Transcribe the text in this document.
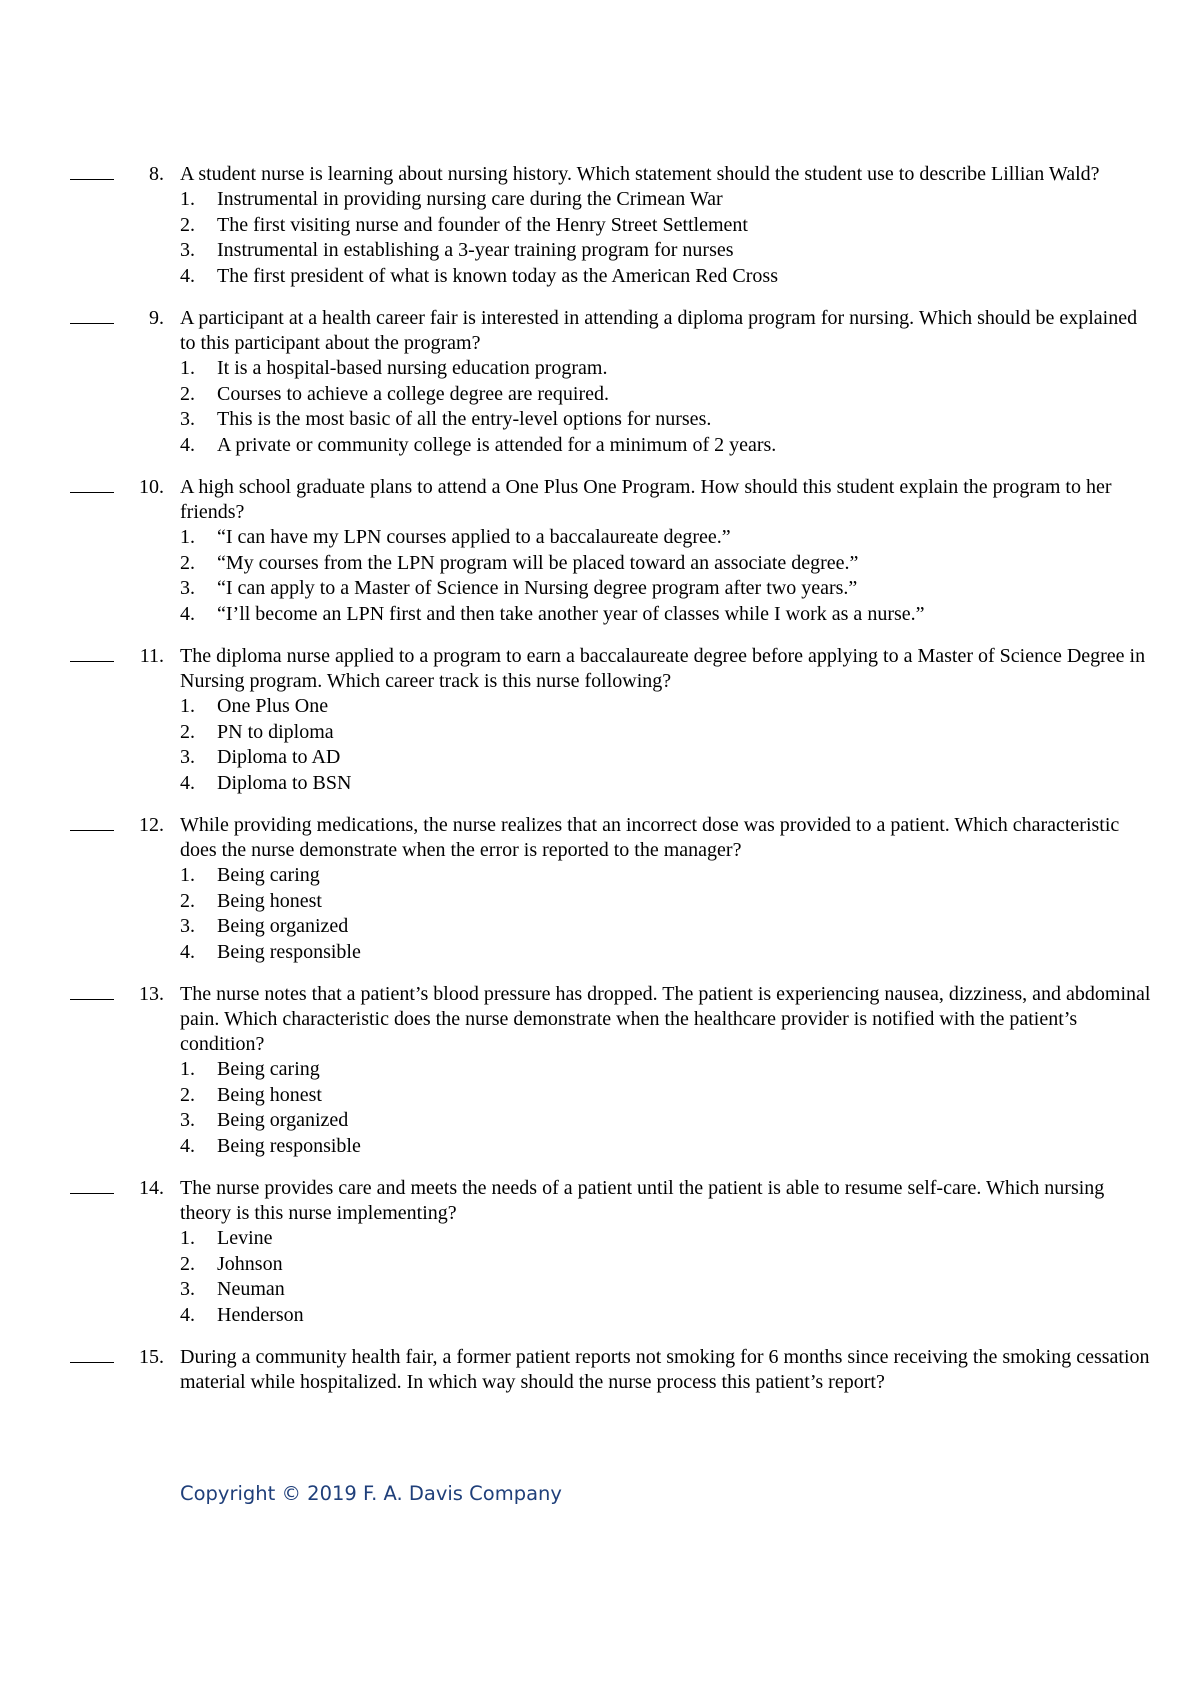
8. A student nurse is learning about nursing history. Which statement should the student use to describe Lillian Wald?
1. Instrumental in providing nursing care during the Crimean War
2. The first visiting nurse and founder of the Henry Street Settlement
3. Instrumental in establishing a 3-year training program for nurses
4. The first president of what is known today as the American Red Cross
9. A participant at a health career fair is interested in attending a diploma program for nursing. Which should be explained to this participant about the program?
1. It is a hospital-based nursing education program.
2. Courses to achieve a college degree are required.
3. This is the most basic of all the entry-level options for nurses.
4. A private or community college is attended for a minimum of 2 years.
10. A high school graduate plans to attend a One Plus One Program. How should this student explain the program to her friends?
1. “I can have my LPN courses applied to a baccalaureate degree.”
2. “My courses from the LPN program will be placed toward an associate degree.”
3. “I can apply to a Master of Science in Nursing degree program after two years.”
4. “I’ll become an LPN first and then take another year of classes while I work as a nurse.”
11. The diploma nurse applied to a program to earn a baccalaureate degree before applying to a Master of Science Degree in Nursing program. Which career track is this nurse following?
1. One Plus One
2. PN to diploma
3. Diploma to AD
4. Diploma to BSN
12. While providing medications, the nurse realizes that an incorrect dose was provided to a patient. Which characteristic does the nurse demonstrate when the error is reported to the manager?
1. Being caring
2. Being honest
3. Being organized
4. Being responsible
13. The nurse notes that a patient’s blood pressure has dropped. The patient is experiencing nausea, dizziness, and abdominal pain. Which characteristic does the nurse demonstrate when the healthcare provider is notified with the patient’s condition?
1. Being caring
2. Being honest
3. Being organized
4. Being responsible
14. The nurse provides care and meets the needs of a patient until the patient is able to resume self-care. Which nursing theory is this nurse implementing?
1. Levine
2. Johnson
3. Neuman
4. Henderson
15. During a community health fair, a former patient reports not smoking for 6 months since receiving the smoking cessation material while hospitalized. In which way should the nurse process this patient’s report?
Copyright © 2019 F. A. Davis Company
